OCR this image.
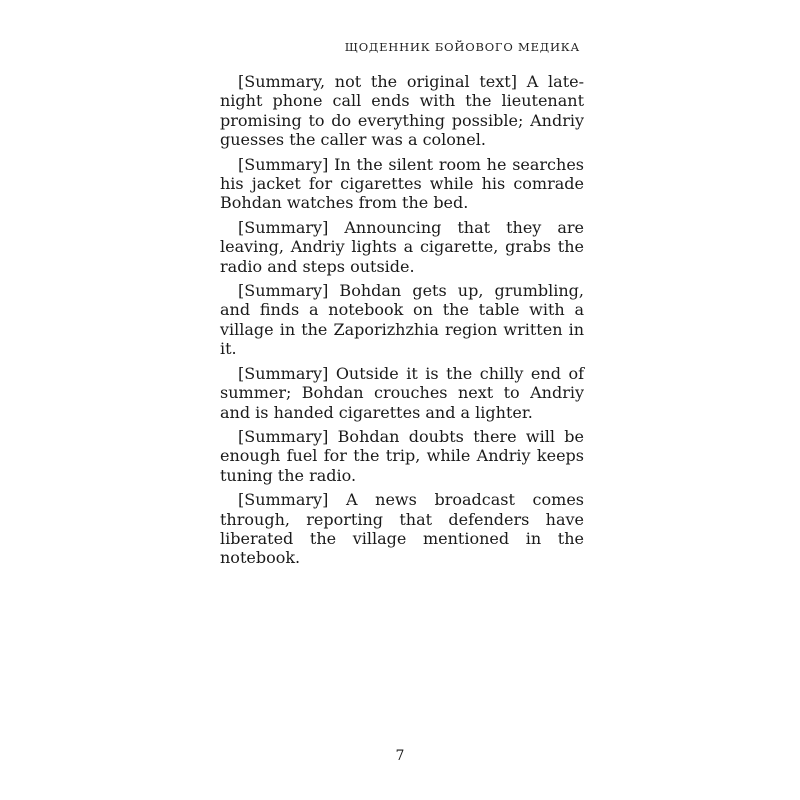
ЩОДЕННИК БОЙОВОГО МЕДИКА

[Summary, not the original text] A late-night phone call ends with the lieutenant promising to do everything possible; Andriy guesses the caller was a colonel.

[Summary] In the silent room he searches his jacket for cigarettes while his comrade Bohdan watches from the bed.

[Summary] Announcing that they are leaving, Andriy lights a cigarette, grabs the radio and steps outside.

[Summary] Bohdan gets up, grumbling, and finds a notebook on the table with a village in the Zaporizhzhia region written in it.

[Summary] Outside it is the chilly end of summer; Bohdan crouches next to Andriy and is handed cigarettes and a lighter.

[Summary] Bohdan doubts there will be enough fuel for the trip, while Andriy keeps tuning the radio.

[Summary] A news broadcast comes through, reporting that defenders have liberated the village mentioned in the notebook.

7
